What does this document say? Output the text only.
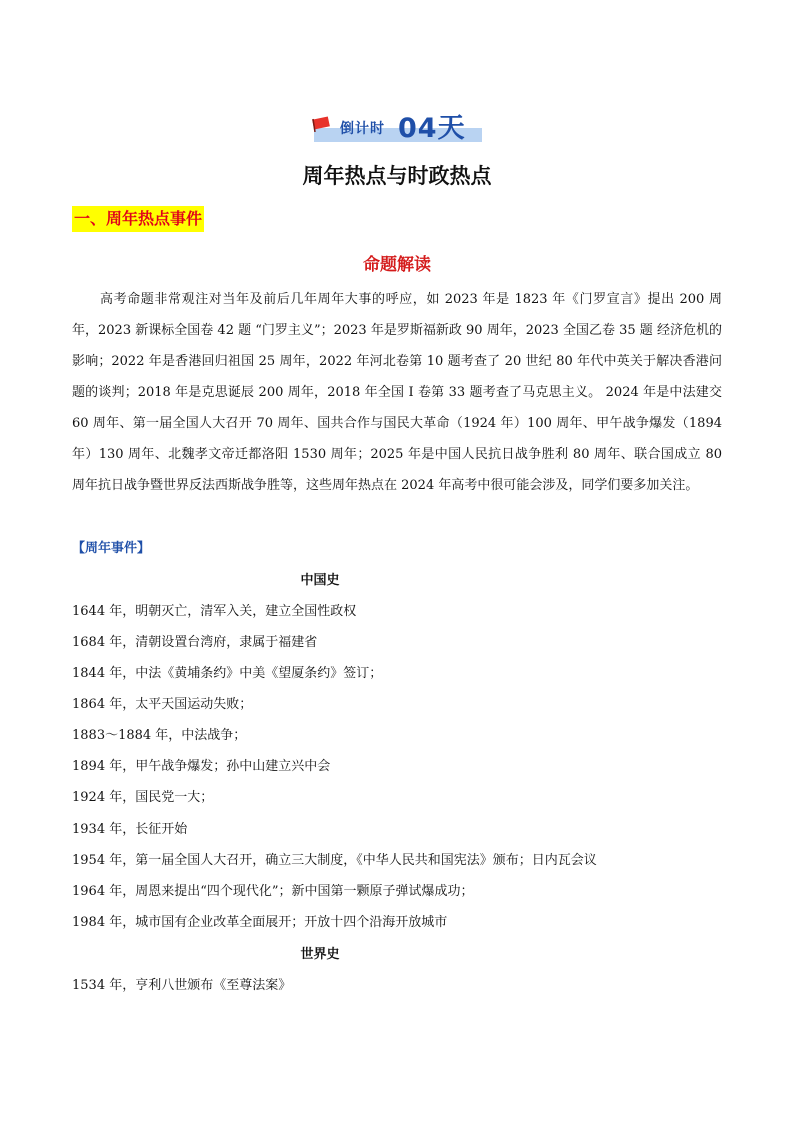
倒计时 04天
周年热点与时政热点
一、周年热点事件
命题解读

高考命题非常观注对当年及前后几年周年大事的呼应，如 2023 年是 1823 年《门罗宣言》提出 200 周年，2023 新课标全国卷 42 题 “门罗主义”；2023 年是罗斯福新政 90 周年，2023 全国乙卷 35 题 经济危机的影响；2022 年是香港回归祖国 25 周年，2022 年河北卷第 10 题考查了 20 世纪 80 年代中英关于解决香港问题的谈判；2018 年是克思诞辰 200 周年，2018 年全国 I 卷第 33 题考查了马克思主义。 2024 年是中法建交 60 周年、第一届全国人大召开 70 周年、国共合作与国民大革命（1924 年）100 周年、甲午战争爆发（1894 年）130 周年、北魏孝文帝迁都洛阳 1530 周年；2025 年是中国人民抗日战争胜利 80 周年、联合国成立 80 周年抗日战争暨世界反法西斯战争胜等，这些周年热点在 2024 年高考中很可能会涉及，同学们要多加关注。

【周年事件】
中国史
1644 年，明朝灭亡，清军入关，建立全国性政权
1684 年，清朝设置台湾府，隶属于福建省
1844 年，中法《黄埔条约》中美《望厦条约》签订；
1864 年，太平天国运动失败；
1883～1884 年，中法战争；
1894 年，甲午战争爆发；孙中山建立兴中会
1924 年，国民党一大；
1934 年，长征开始
1954 年，第一届全国人大召开，确立三大制度，《中华人民共和国宪法》颁布；日内瓦会议
1964 年，周恩来提出“四个现代化”；新中国第一颗原子弹试爆成功；
1984 年，城市国有企业改革全面展开；开放十四个沿海开放城市
世界史
1534 年，亨利八世颁布《至尊法案》
